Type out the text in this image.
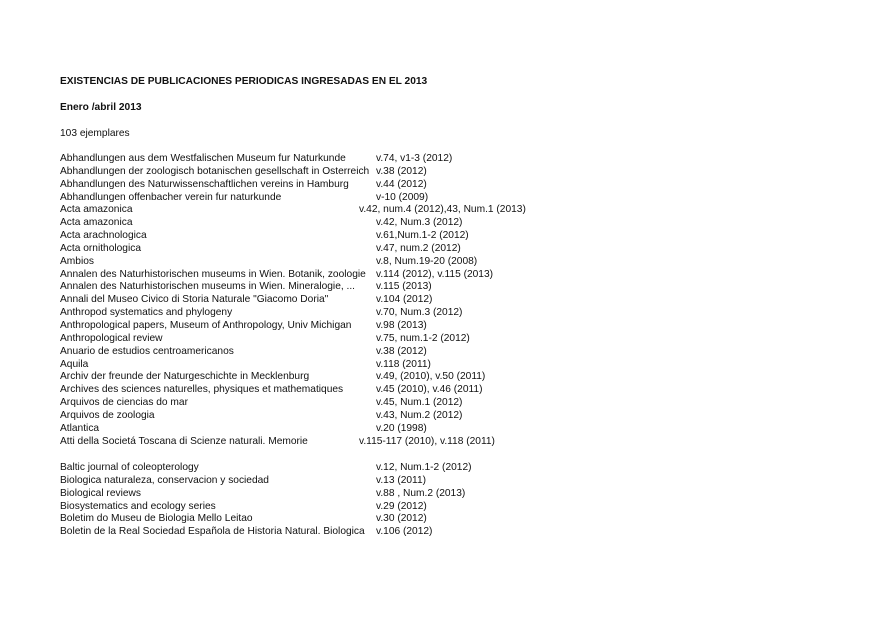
EXISTENCIAS DE PUBLICACIONES PERIODICAS INGRESADAS EN EL 2013
Enero /abril 2013
103 ejemplares
Abhandlungen aus dem Westfalischen Museum fur Naturkunde	v.74, v1-3 (2012)
Abhandlungen der zoologisch botanischen gesellschaft in Osterreich v.38 (2012)
Abhandlungen des Naturwissenschaftlichen vereins in Hamburg	v.44 (2012)
Abhandlungen offenbacher verein fur naturkunde	v-10 (2009)
Acta amazonica	v.42, num.4 (2012),43, Num.1 (2013)
Acta amazonica	v.42, Num.3 (2012)
Acta arachnologica	v.61,Num.1-2 (2012)
Acta ornithologica	v.47, num.2 (2012)
Ambios	v.8, Num.19-20 (2008)
Annalen des Naturhistorischen museums in Wien. Botanik, zoologie v.114 (2012), v.115 (2013)
Annalen des Naturhistorischen museums in Wien. Mineralogie, ... v.115 (2013)
Annali del Museo Civico di Storia Naturale "Giacomo Doria"	v.104 (2012)
Anthropod systematics and phylogeny	v.70, Num.3 (2012)
Anthropological papers, Museum of Anthropology, Univ Michigan v.98 (2013)
Anthropological review	v.75, num.1-2 (2012)
Anuario de estudios centroamericanos	v.38 (2012)
Aquila	v.118 (2011)
Archiv der freunde der Naturgeschichte in Mecklenburg	v.49, (2010), v.50 (2011)
Archives des sciences naturelles, physiques et mathematiques	v.45 (2010), v.46 (2011)
Arquivos de ciencias do mar	v.45, Num.1 (2012)
Arquivos de zoologia	v.43, Num.2 (2012)
Atlantica	v.20 (1998)
Atti della Societá Toscana di Scienze naturali. Memorie	v.115-117 (2010), v.118 (2011)
Baltic journal of coleopterology	v.12, Num.1-2 (2012)
Biologica naturaleza, conservacion y sociedad	v.13 (2011)
Biological reviews	v.88 , Num.2 (2013)
Biosystematics and ecology series	v.29 (2012)
Boletim do Museu de Biologia Mello Leitao	v.30 (2012)
Boletin de la Real Sociedad Española de Historia Natural. Biologica v.106 (2012)
